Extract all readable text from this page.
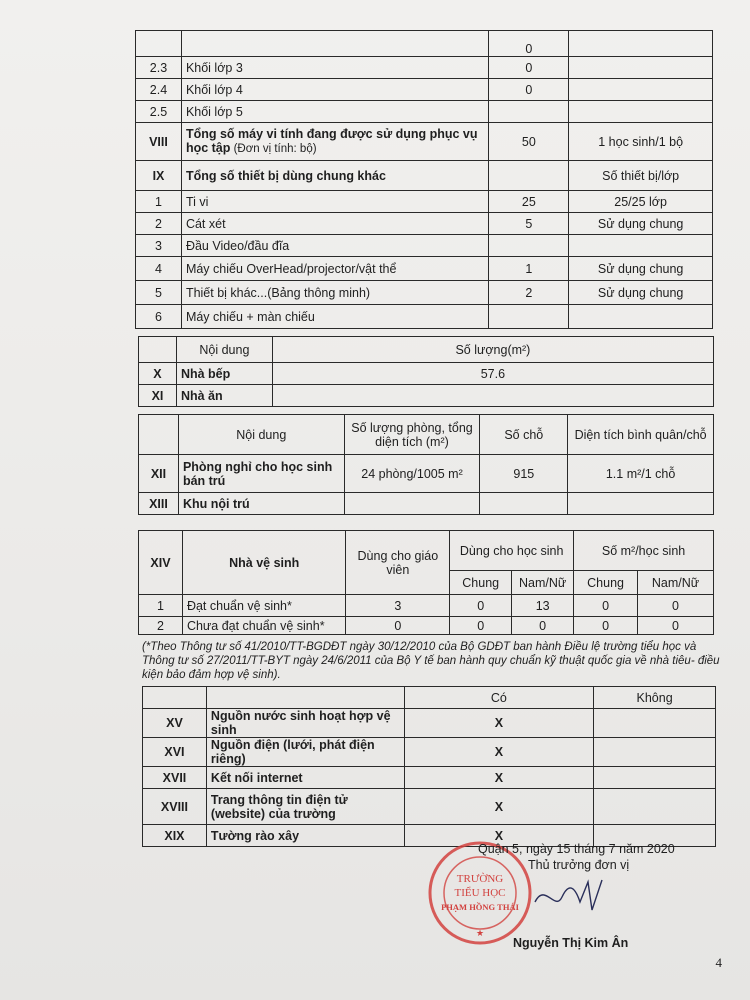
		0	
2.3	Khối lớp 3	0	
2.4	Khối lớp 4	0	
2.5	Khối lớp 5		
VIII	Tổng số máy vi tính đang được sử dụng phục vụ học tập (Đơn vị tính: bộ)	50	1 học sinh/1 bộ
IX	Tổng số thiết bị dùng chung khác		Số thiết bị/lớp
1	Ti vi	25	25/25 lớp
2	Cát xét	5	Sử dụng chung
3	Đầu Video/đầu đĩa		
4	Máy chiếu OverHead/projector/vật thể	1	Sử dụng chung
5	Thiết bị khác...(Bảng thông minh)	2	Sử dụng chung
6	Máy chiếu + màn chiếu		
	Nội dung	Số lượng(m²)
X	Nhà bếp	57.6
XI	Nhà ăn	
	Nội dung	Số lượng phòng, tổng diện tích (m²)	Số chỗ	Diện tích bình quân/chỗ
XII	Phòng nghỉ cho học sinh bán trú	24 phòng/1005 m²	915	1.1 m²/1 chỗ
XIII	Khu nội trú			
XIV	Nhà vệ sinh	Dùng cho giáo viên	Dùng cho học sinh		Số m²/học sinh	
			Chung	Nam/Nữ	Chung	Nam/Nữ
1	Đạt chuẩn vệ sinh*	3	0	13	0	0
2	Chưa đạt chuẩn vệ sinh*	0	0	0	0	0
(*Theo Thông tư số 41/2010/TT-BGDĐT ngày 30/12/2010 của Bộ GDĐT ban hành Điều lệ trường tiểu học và Thông tư số 27/2011/TT-BYT ngày 24/6/2011 của Bộ Y tế ban hành quy chuẩn kỹ thuật quốc gia về nhà tiêu- điều kiện bảo đảm hợp vệ sinh).
		Có	Không
XV	Nguồn nước sinh hoạt hợp vệ sinh	X	
XVI	Nguồn điện (lưới, phát điện riêng)	X	
XVII	Kết nối internet	X	
XVIII	Trang thông tin điện tử (website) của trường	X	
XIX	Tường rào xây	X	
TRƯỜNG
TIỂU HỌC
PHẠM HỒNG THÁI
★
Quận 5, ngày 15 tháng 7 năm 2020
Thủ trưởng đơn vị
Nguyễn Thị Kim Ân
4
